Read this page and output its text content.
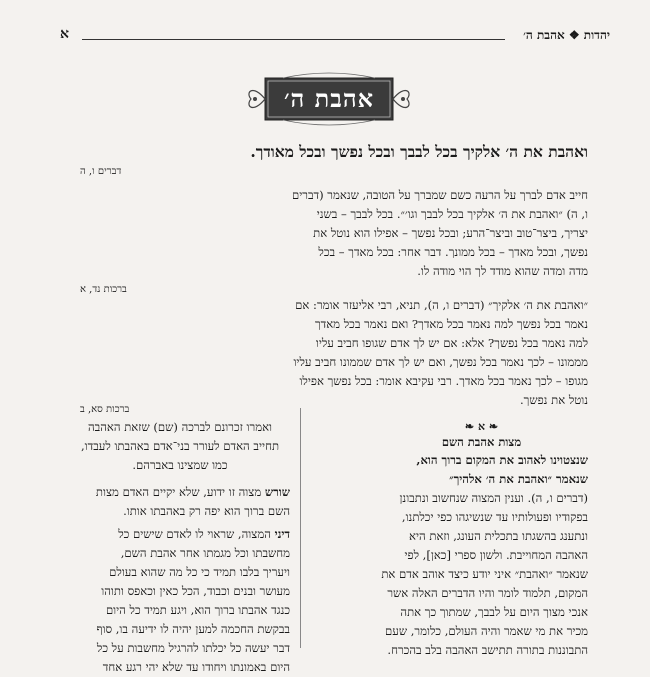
יהדות ❖ אהבת ה׳
א
אהבת ה׳
ואהבת את ה׳ אלקיך בכל לבבך ובכל נפשך ובכל מאודך.
דברים ו, ה
חייב אדם לברך על הרעה כשם שמברך על הטובה, שנאמר (דברים
ו, ה) ״ואהבת את ה׳ אלקיך בכל לבבך וגו׳״. בכל לבבך – בשני
יצריך, ביצר־טוב וביצר־הרע; ובכל נפשך – אפילו הוא נוטל את
נפשך, ובכל מאדך – בכל ממונך. דבר אחר: בכל מאדך – בכל
מדה ומדה שהוא מודד לך הוי מודה לו.
ברכות נד, א
״ואהבת את ה׳ אלקיך״ (דברים ו, ה), תניא, רבי אליעזר אומר: אם
נאמר בכל נפשך למה נאמר בכל מאדך? ואם נאמר בכל מאדך
למה נאמר בכל נפשך? אלא: אם יש לך אדם שגופו חביב עליו
מממונו – לכך נאמר בכל נפשך, ואם יש לך אדם שממונו חביב עליו
מגופו – לכך נאמר בכל מאדך. רבי עקיבא אומר: בכל נפשך אפילו
נוטל את נפשך.
ברכות סא, ב
❧ א ❧
מצות אהבת השם
שנצטוינו לאהוב את המקום ברוך הוא,
שנאמר ״ואהבת את ה׳ אלהיך״
(דברים ו, ה). וענין המצוה שנחשוב ונתבונן
בפקודיו ופעולותיו עד שנשיגהו כפי יכלתנו,
ונתענג בהשגתו בתכלית העונג, וזאת היא
האהבה המחוייבת. ולשון ספרי [כאן], לפי
שנאמר ״ואהבת״ איני יודע כיצד אוהב אדם את
המקום, תלמוד לומר והיו הדברים האלה אשר
אנכי מצוך היום על לבבך, שמתוך כך אתה
מכיר את מי שאמר והיה העולם, כלומר, שעם
התבוננות בתורה תתישב האהבה בלב בהכרח.
ואמרו זכרונם לברכה (שם) שזאת האהבה
תחייב האדם לעורר בני־אדם באהבתו לעבדו,
כמו שמצינו באברהם.
שורש מצוה זו ידוע, שלא יקיים האדם מצות
השם ברוך הוא יפה רק באהבתו אותו.
דיני המצוה, שראוי לו לאדם שישים כל
מחשבתו וכל מגמתו אחר אהבת השם,
ויעריך בלבו תמיד כי כל מה שהוא בעולם
מעושר ובנים וכבוד, הכל כאין וכאפס ותוהו
כנגד אהבתו ברוך הוא, ויגע תמיד כל היום
בבקשת החכמה למען יהיה לו ידיעה בו, סוף
דבר יעשה כל יכלתו להרגיל מחשבות על כל
היום באמונתו ויחודו עד שלא יהי רגע אחד
